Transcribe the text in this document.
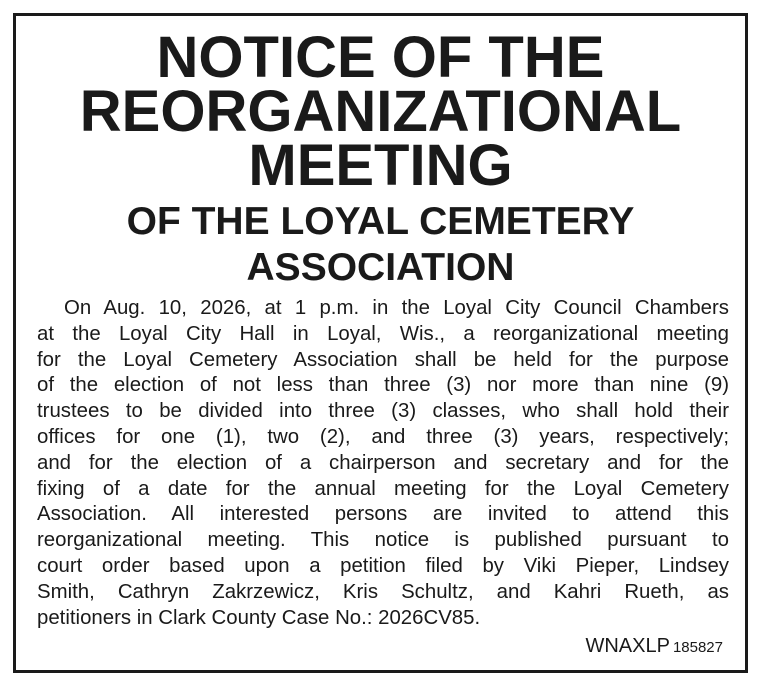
NOTICE OF THE
REORGANIZATIONAL
MEETING
OF THE LOYAL CEMETERY
ASSOCIATION
On Aug. 10, 2026, at 1 p.m. in the Loyal City Council Chambers
at the Loyal City Hall in Loyal, Wis., a reorganizational meeting
for the Loyal Cemetery Association shall be held for the purpose
of the election of not less than three (3) nor more than nine (9)
trustees to be divided into three (3) classes, who shall hold their
offices for one (1), two (2), and three (3) years, respectively;
and for the election of a chairperson and secretary and for the
fixing of a date for the annual meeting for the Loyal Cemetery
Association. All interested persons are invited to attend this
reorganizational meeting. This notice is published pursuant to
court order based upon a petition filed by Viki Pieper, Lindsey
Smith, Cathryn Zakrzewicz, Kris Schultz, and Kahri Rueth, as
petitioners in Clark County Case No.: 2026CV85.
WNAXLP 185827
